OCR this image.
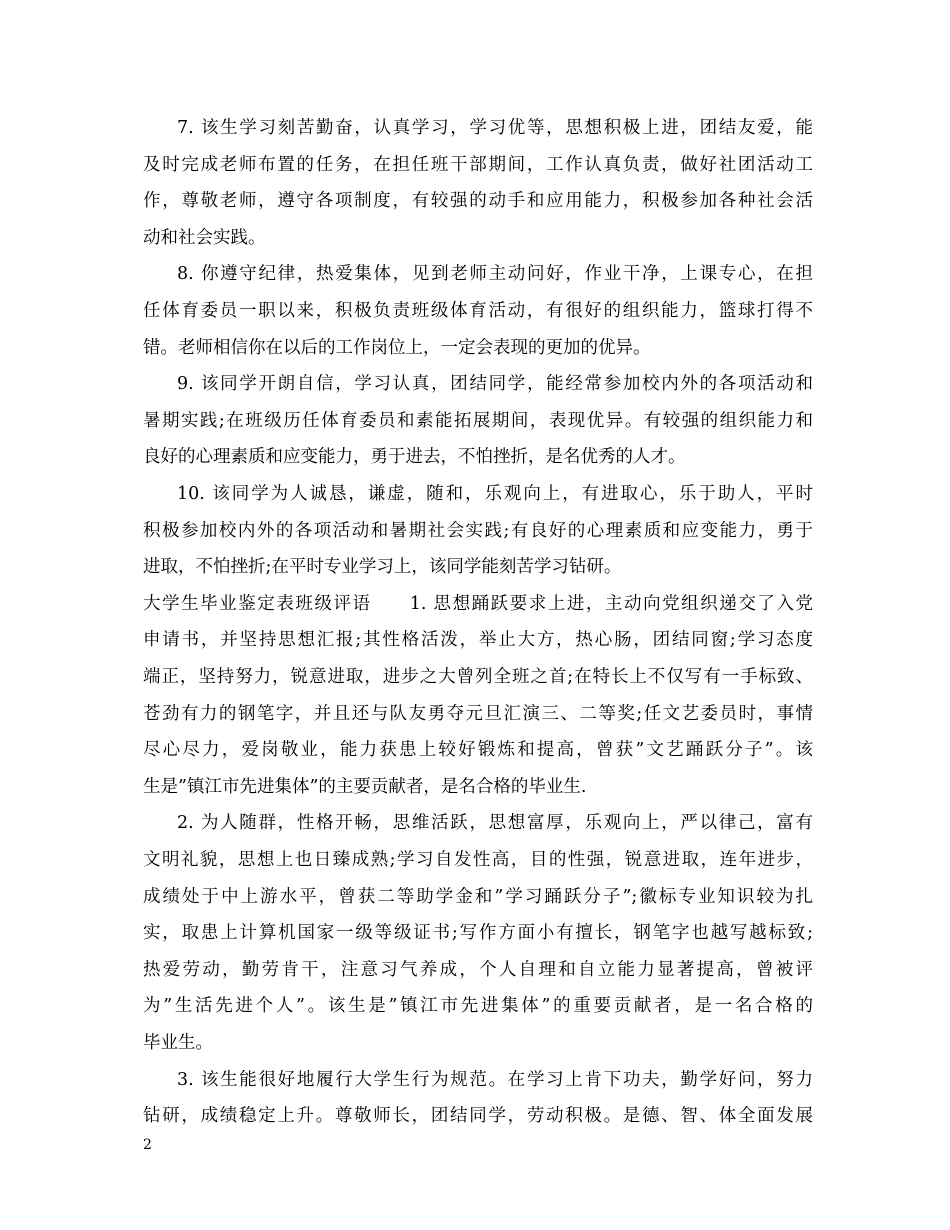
7. 该生学习刻苦勤奋，认真学习，学习优等，思想积极上进，团结友爱，能
及时完成老师布置的任务，在担任班干部期间，工作认真负责，做好社团活动工
作，尊敬老师，遵守各项制度，有较强的动手和应用能力，积极参加各种社会活
动和社会实践。
8. 你遵守纪律，热爱集体，见到老师主动问好，作业干净，上课专心，在担
任体育委员一职以来，积极负责班级体育活动，有很好的组织能力，篮球打得不
错。老师相信你在以后的工作岗位上，一定会表现的更加的优异。
9. 该同学开朗自信，学习认真，团结同学，能经常参加校内外的各项活动和
暑期实践;在班级历任体育委员和素能拓展期间，表现优异。有较强的组织能力和
良好的心理素质和应变能力，勇于进去，不怕挫折，是名优秀的人才。
10. 该同学为人诚恳，谦虚，随和，乐观向上，有进取心，乐于助人，平时
积极参加校内外的各项活动和暑期社会实践;有良好的心理素质和应变能力，勇于
进取，不怕挫折;在平时专业学习上，该同学能刻苦学习钻研。
大学生毕业鉴定表班级评语　　1. 思想踊跃要求上进，主动向党组织递交了入党
申请书，并坚持思想汇报;其性格活泼，举止大方，热心肠，团结同窗;学习态度
端正，坚持努力，锐意进取，进步之大曾列全班之首;在特长上不仅写有一手标致、
苍劲有力的钢笔字，并且还与队友勇夺元旦汇演三、二等奖;任文艺委员时，事情
尽心尽力，爱岗敬业，能力获患上较好锻炼和提高，曾获”文艺踊跃分子”。该
生是”镇江市先进集体”的主要贡献者，是名合格的毕业生.
2. 为人随群，性格开畅，思维活跃，思想富厚，乐观向上，严以律己，富有
文明礼貌，思想上也日臻成熟;学习自发性高，目的性强，锐意进取，连年进步，
成绩处于中上游水平，曾获二等助学金和”学习踊跃分子”;徽标专业知识较为扎
实，取患上计算机国家一级等级证书;写作方面小有擅长，钢笔字也越写越标致;
热爱劳动，勤劳肯干，注意习气养成，个人自理和自立能力显著提高，曾被评
为”生活先进个人”。该生是”镇江市先进集体”的重要贡献者，是一名合格的
毕业生。
3. 该生能很好地履行大学生行为规范。在学习上肯下功夫，勤学好问，努力
钻研，成绩稳定上升。尊敬师长，团结同学，劳动积极。是德、智、体全面发展
2
